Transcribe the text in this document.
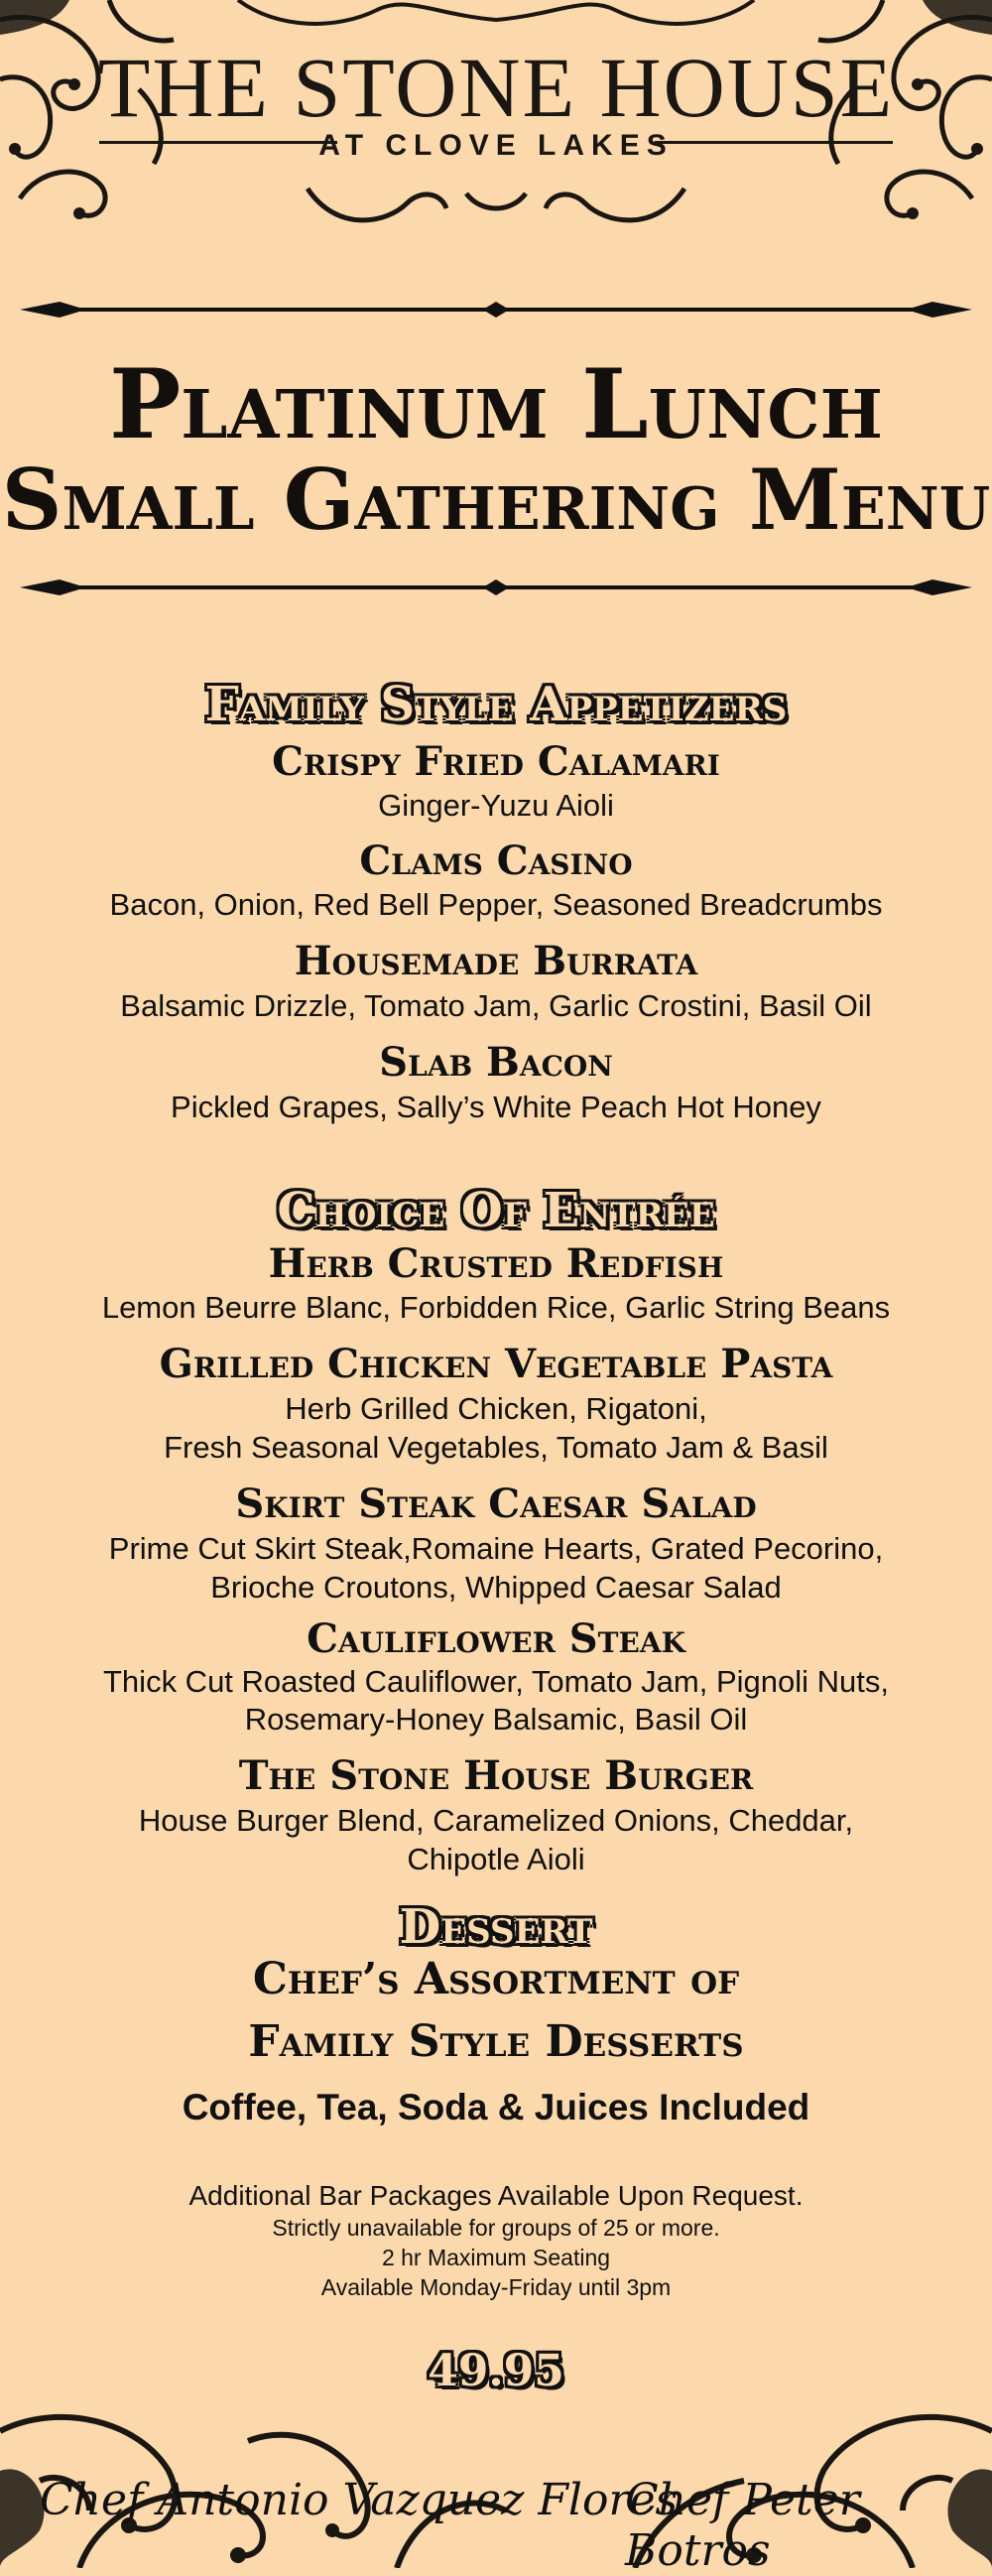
THE STONE HOUSE
AT CLOVE LAKES
Platinum Lunch
Small Gathering Menu
Family Style Appetizers
Crispy Fried Calamari
Ginger-Yuzu Aioli
Clams Casino
Bacon, Onion, Red Bell Pepper, Seasoned Breadcrumbs
Housemade Burrata
Balsamic Drizzle, Tomato Jam, Garlic Crostini, Basil Oil
Slab Bacon
Pickled Grapes, Sally’s White Peach Hot Honey
Choice Of Entrée
Herb Crusted Redfish
Lemon Beurre Blanc, Forbidden Rice, Garlic String Beans
Grilled Chicken Vegetable Pasta
Herb Grilled Chicken, Rigatoni,
Fresh Seasonal Vegetables, Tomato Jam & Basil
Skirt Steak Caesar Salad
Prime Cut Skirt Steak,Romaine Hearts, Grated Pecorino,
Brioche Croutons, Whipped Caesar Salad
Cauliflower Steak
Thick Cut Roasted Cauliflower, Tomato Jam, Pignoli Nuts,
Rosemary-Honey Balsamic, Basil Oil
The Stone House Burger
House Burger Blend, Caramelized Onions, Cheddar,
Chipotle Aioli
Dessert
Chef’s Assortment of
Family Style Desserts
Coffee, Tea, Soda & Juices Included
Additional Bar Packages Available Upon Request.
Strictly unavailable for groups of 25 or more.
2 hr Maximum Seating
Available Monday-Friday until 3pm
49.95
Chef Antonio Vazquez Flores
Chef Peter Botros
